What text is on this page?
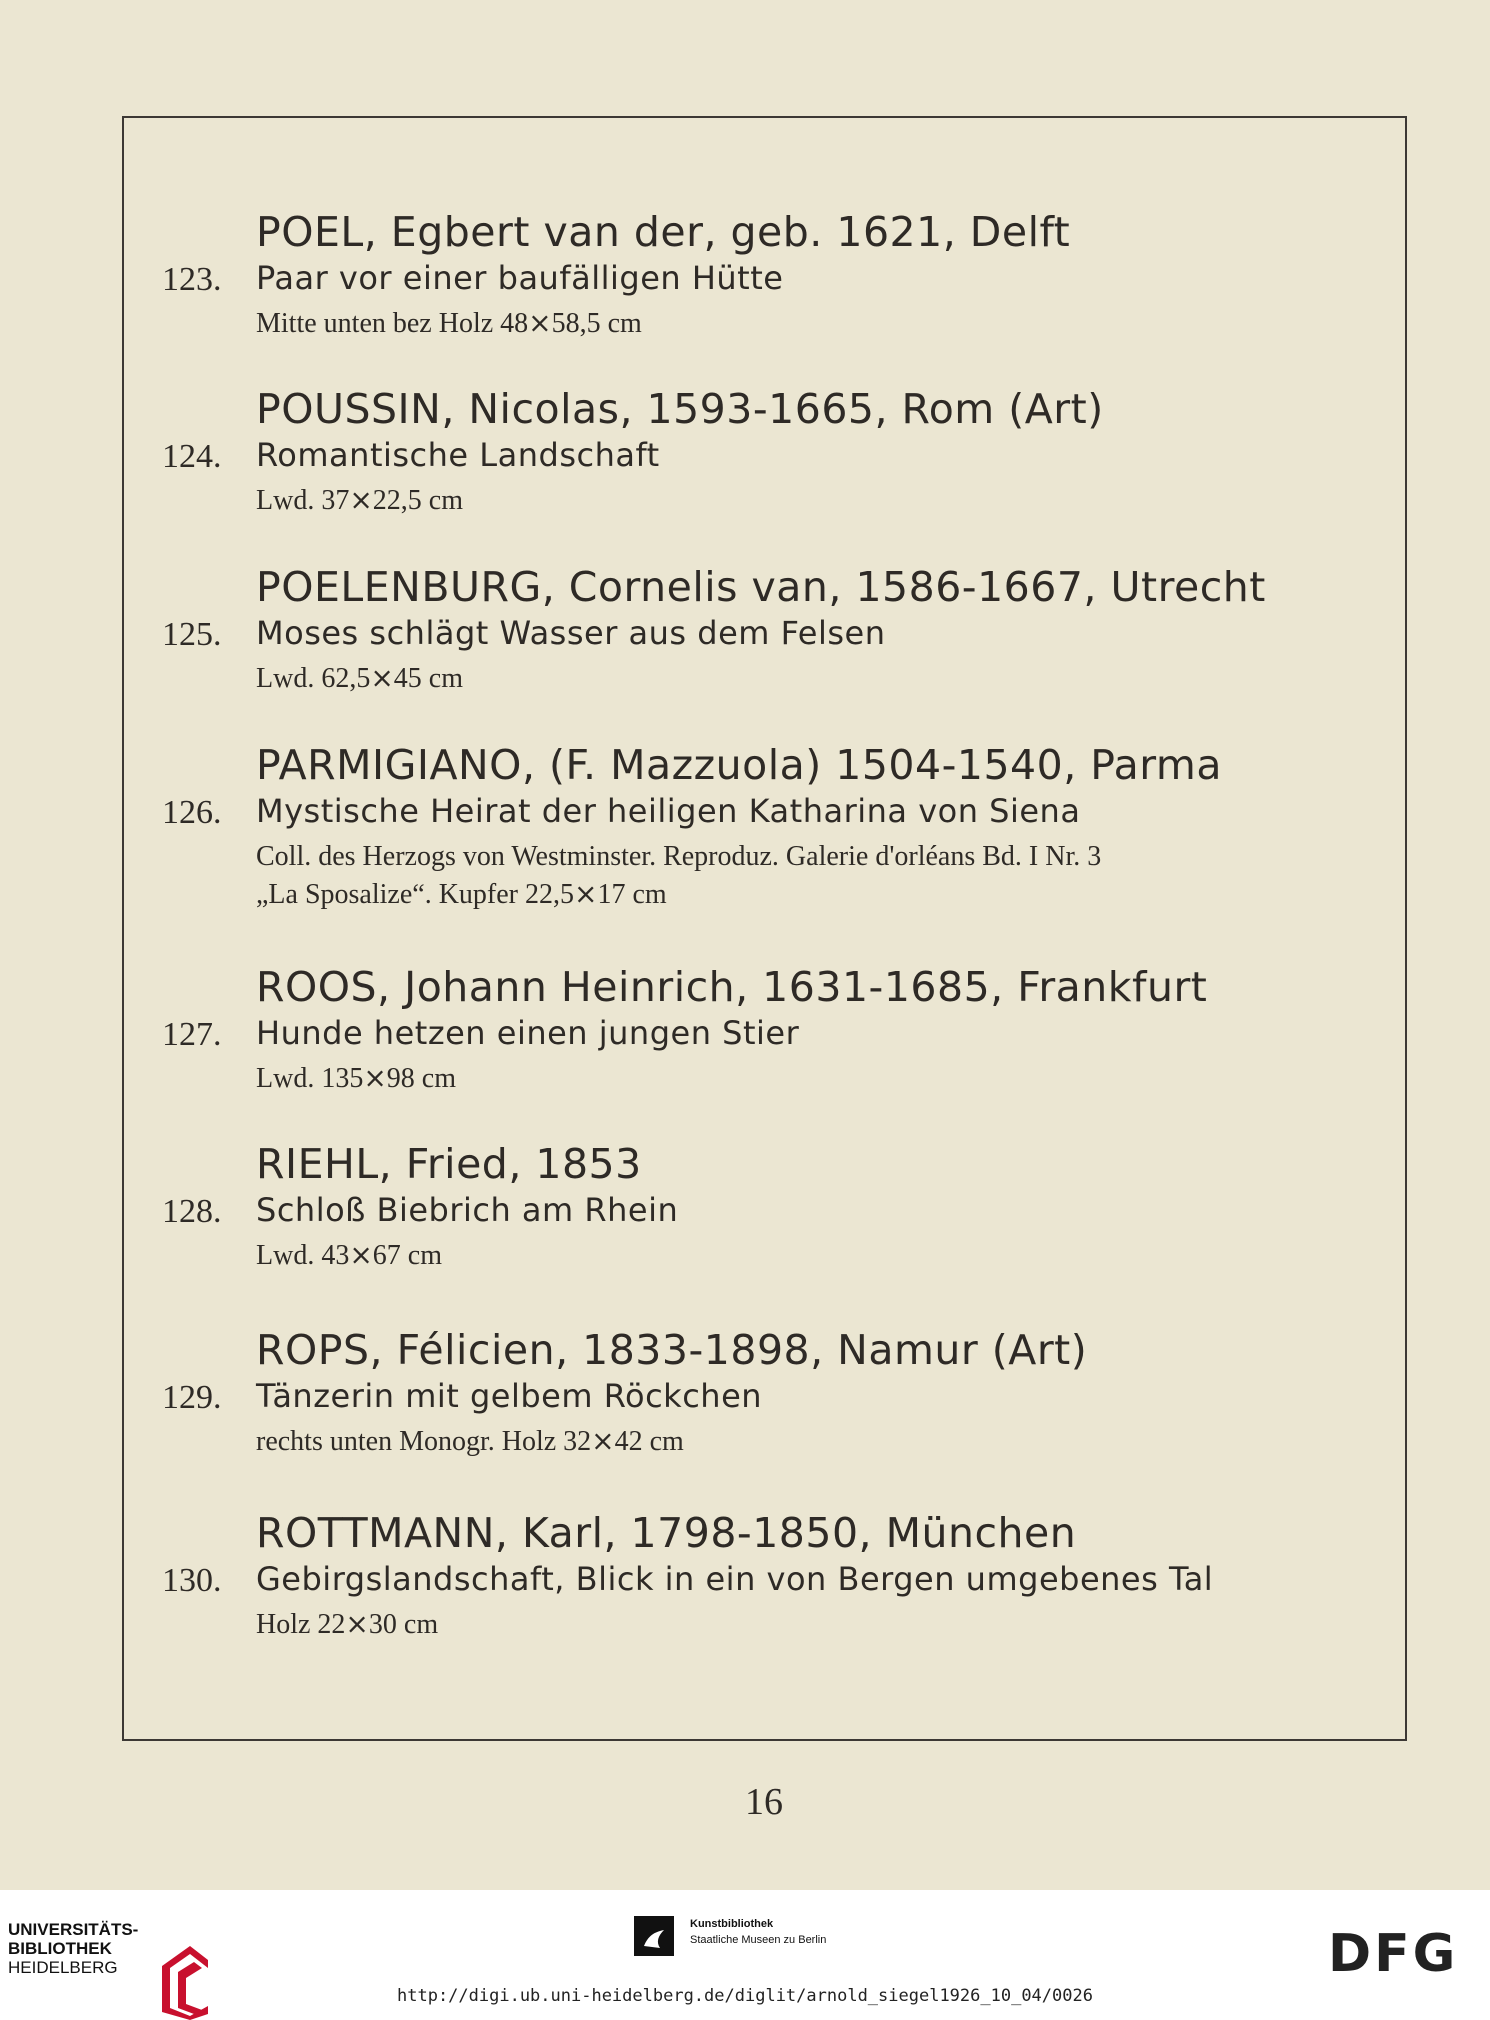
POEL, Egbert van der, geb. 1621, Delft
123. Paar vor einer baufälligen Hütte
Mitte unten bez Holz 48⨯58,5 cm
POUSSIN, Nicolas, 1593-1665, Rom (Art)
124. Romantische Landschaft
Lwd. 37⨯22,5 cm
POELENBURG, Cornelis van, 1586-1667, Utrecht
125. Moses schlägt Wasser aus dem Felsen
Lwd. 62,5⨯45 cm
PARMIGIANO, (F. Mazzuola) 1504-1540, Parma
126. Mystische Heirat der heiligen Katharina von Siena
Coll. des Herzogs von Westminster. Reproduz. Galerie d'orléans Bd. I Nr. 3
„La Sposalize“. Kupfer 22,5⨯17 cm
ROOS, Johann Heinrich, 1631-1685, Frankfurt
127. Hunde hetzen einen jungen Stier
Lwd. 135⨯98 cm
RIEHL, Fried, 1853
128. Schloß Biebrich am Rhein
Lwd. 43⨯67 cm
ROPS, Félicien, 1833-1898, Namur (Art)
129. Tänzerin mit gelbem Röckchen
rechts unten Monogr. Holz 32⨯42 cm
ROTTMANN, Karl, 1798-1850, München
130. Gebirgslandschaft, Blick in ein von Bergen umgebenes Tal
Holz 22⨯30 cm
16
UNIVERSITÄTS-
BIBLIOTHEK
HEIDELBERG
Kunstbibliothek
Staatliche Museen zu Berlin	DFG
http://digi.ub.uni-heidelberg.de/diglit/arnold_siegel1926_10_04/0026
